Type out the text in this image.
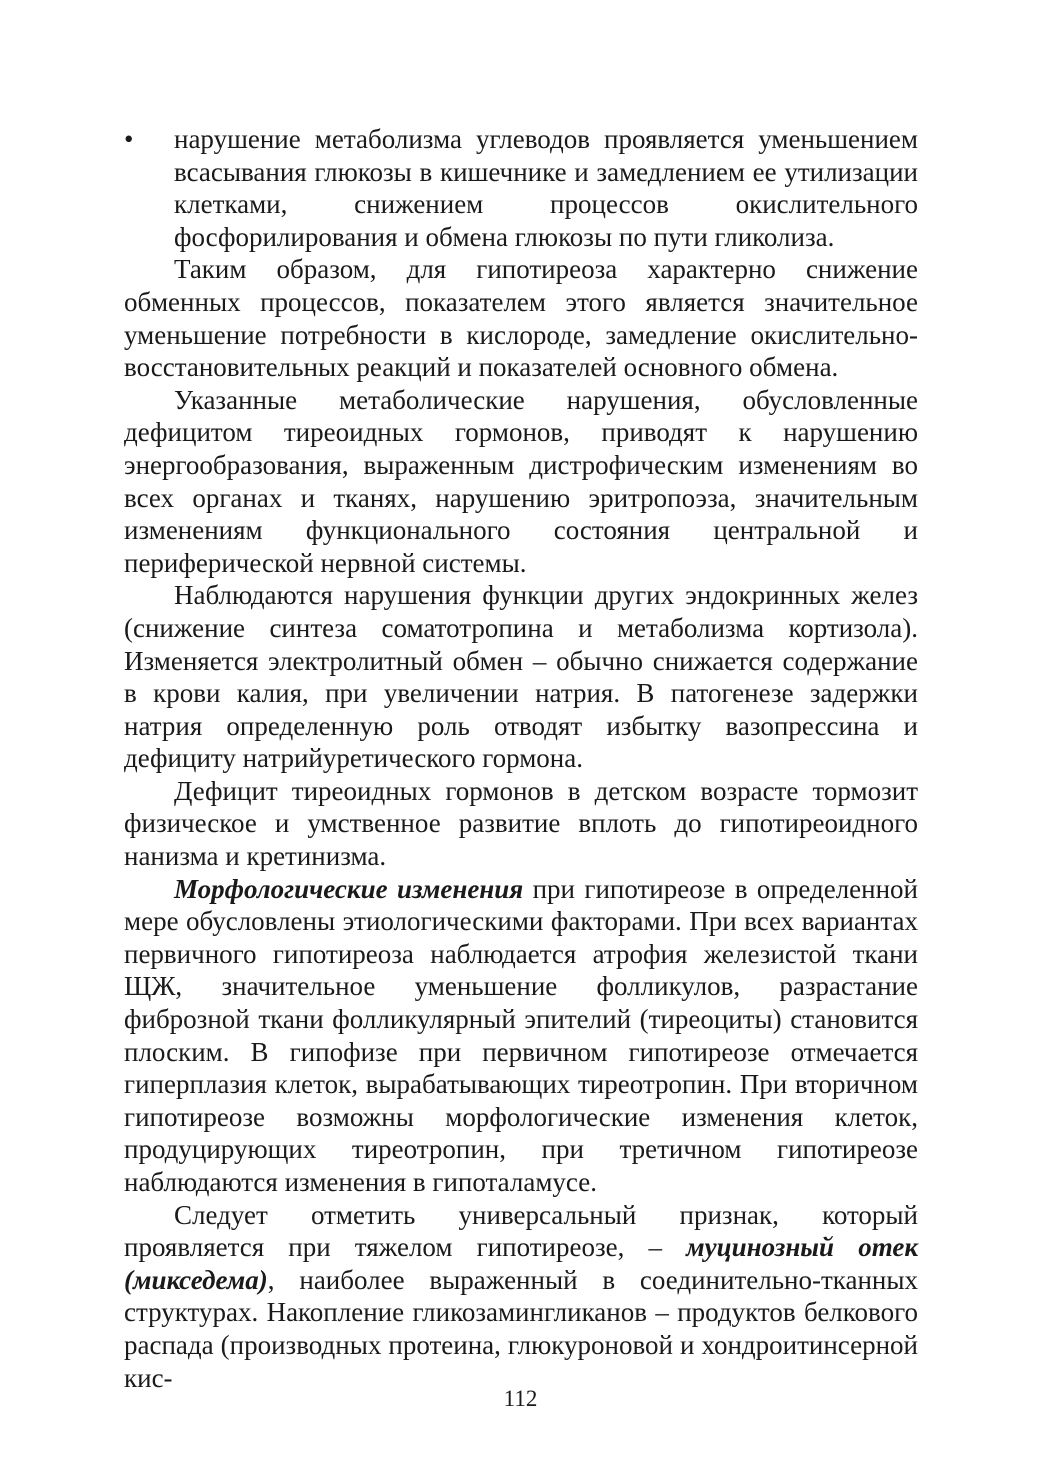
• нарушение метаболизма углеводов проявляется уменьшением всасывания глюкозы в кишечнике и замедлением ее утилизации клетками, снижением процессов окислительного фосфорилирования и обмена глюкозы по пути гликолиза.

Таким образом, для гипотиреоза характерно снижение обменных процессов, показателем этого является значительное уменьшение потребности в кислороде, замедление окислительно-восстановительных реакций и показателей основного обмена.

Указанные метаболические нарушения, обусловленные дефицитом тиреоидных гормонов, приводят к нарушению энергообразования, выраженным дистрофическим изменениям во всех органах и тканях, нарушению эритропоэза, значительным изменениям функционального состояния центральной и периферической нервной системы.

Наблюдаются нарушения функции других эндокринных желез (снижение синтеза соматотропина и метаболизма кортизола). Изменяется электролитный обмен – обычно снижается содержание в крови калия, при увеличении натрия. В патогенезе задержки натрия определенную роль отводят избытку вазопрессина и дефициту натрийуретического гормона.

Дефицит тиреоидных гормонов в детском возрасте тормозит физическое и умственное развитие вплоть до гипотиреоидного нанизма и кретинизма.

Морфологические изменения при гипотиреозе в определенной мере обусловлены этиологическими факторами. При всех вариантах первичного гипотиреоза наблюдается атрофия железистой ткани ЩЖ, значительное уменьшение фолликулов, разрастание фиброзной ткани фолликулярный эпителий (тиреоциты) становится плоским. В гипофизе при первичном гипотиреозе отмечается гиперплазия клеток, вырабатывающих тиреотропин. При вторичном гипотиреозе возможны морфологические изменения клеток, продуцирующих тиреотропин, при третичном гипотиреозе наблюдаются изменения в гипоталамусе.

Следует отметить универсальный признак, который проявляется при тяжелом гипотиреозе, – муцинозный отек (микседема), наиболее выраженный в соединительно-тканных структурах. Накопление гликозамингликанов – продуктов белкового распада (производных протеина, глюкуроновой и хондроитинсерной кис-

112
